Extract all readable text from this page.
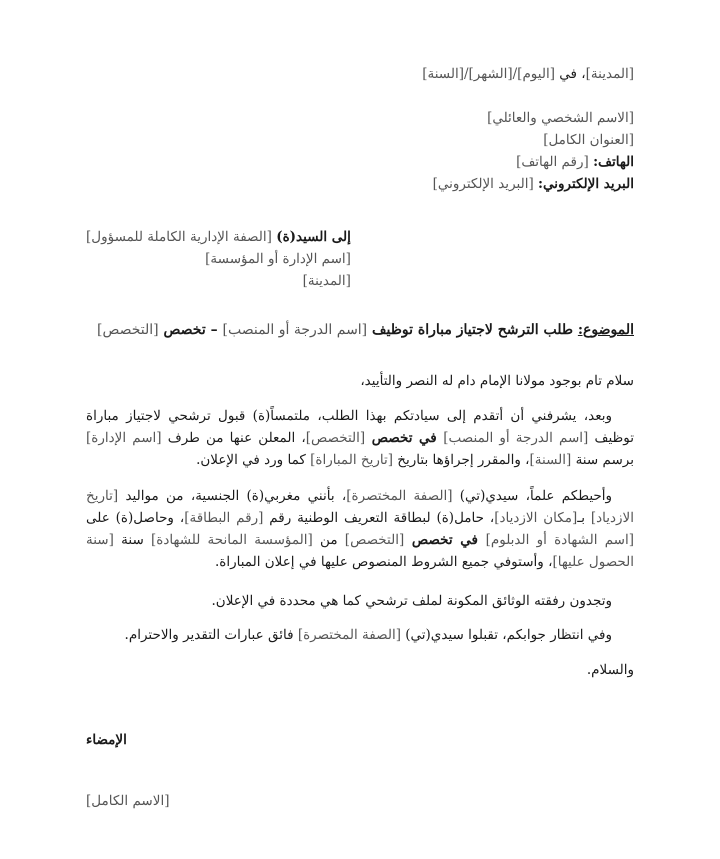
[المدينة]، في [اليوم]/[الشهر]/[السنة]
[الاسم الشخصي والعائلي]
[العنوان الكامل]
الهاتف: [رقم الهاتف]
البريد الإلكتروني: [البريد الإلكتروني]
إلى السيد(ة) [الصفة الإدارية الكاملة للمسؤول]
[اسم الإدارة أو المؤسسة]
[المدينة]
الموضوع: طلب الترشح لاجتياز مباراة توظيف [اسم الدرجة أو المنصب] – تخصص [التخصص]
سلام تام بوجود مولانا الإمام دام له النصر والتأييد،
وبعد، يشرفني أن أتقدم إلى سيادتكم بهذا الطلب، ملتمساً(ة) قبول ترشحي لاجتياز مباراة توظيف [اسم الدرجة أو المنصب] في تخصص [التخصص]، المعلن عنها من طرف [اسم الإدارة] برسم سنة [السنة]، والمقرر إجراؤها بتاريخ [تاريخ المباراة] كما ورد في الإعلان.
وأحيطكم علماً، سيدي(تي) [الصفة المختصرة]، بأنني مغربي(ة) الجنسية، من مواليد [تاريخ الازدياد] بـ[مكان الازدياد]، حامل(ة) لبطاقة التعريف الوطنية رقم [رقم البطاقة]، وحاصل(ة) على [اسم الشهادة أو الدبلوم] في تخصص [التخصص] من [المؤسسة المانحة للشهادة] سنة [سنة الحصول عليها]، وأستوفي جميع الشروط المنصوص عليها في إعلان المباراة.
وتجدون رفقته الوثائق المكونة لملف ترشحي كما هي محددة في الإعلان.
وفي انتظار جوابكم، تقبلوا سيدي(تي) [الصفة المختصرة] فائق عبارات التقدير والاحترام.
والسلام.
الإمضاء
[الاسم الكامل]
